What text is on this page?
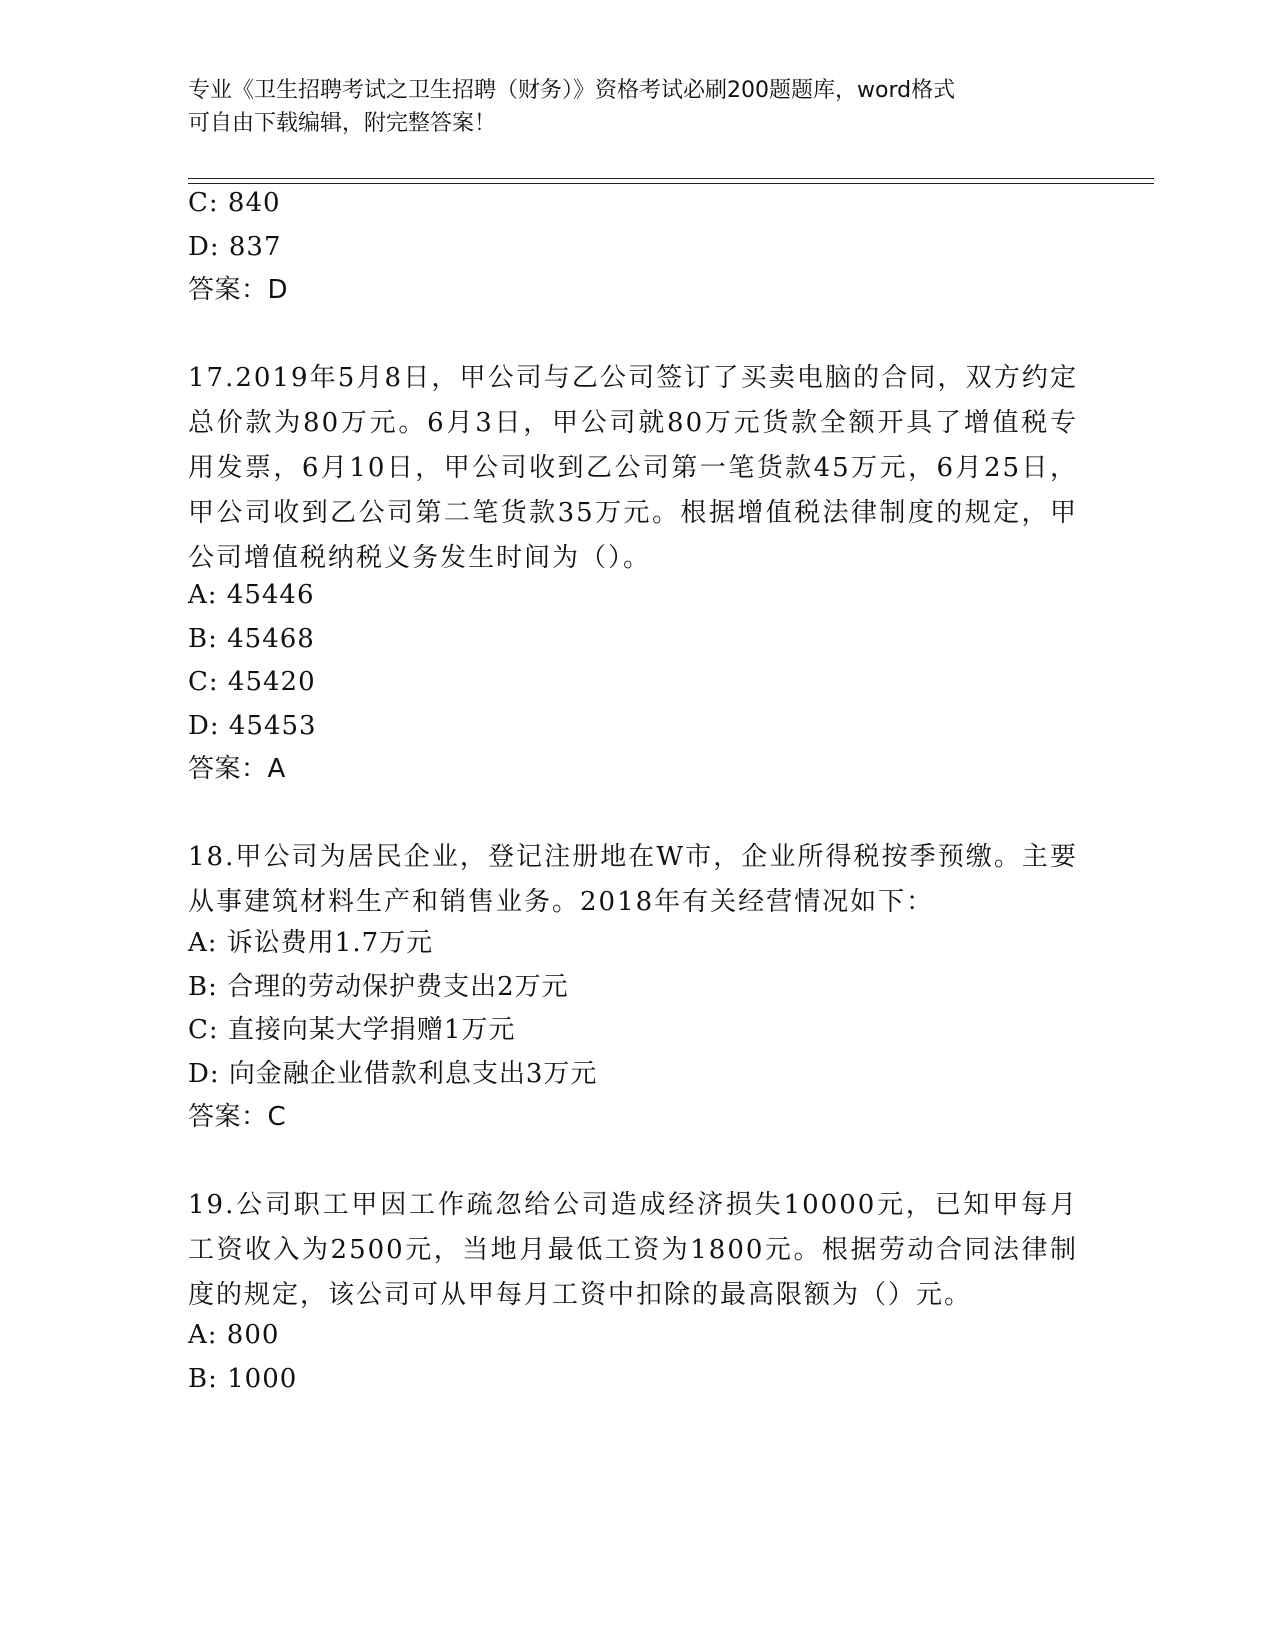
专业《卫生招聘考试之卫生招聘（财务）》资格考试必刷200题题库，word格式
可自由下载编辑，附完整答案！
C: 840
D: 837
答案：D
17.2019年5月8日，甲公司与乙公司签订了买卖电脑的合同，双方约定总价款为80万元。6月3日，甲公司就80万元货款全额开具了增值税专用发票，6月10日，甲公司收到乙公司第一笔货款45万元，6月25日，甲公司收到乙公司第二笔货款35万元。根据增值税法律制度的规定，甲公司增值税纳税义务发生时间为（）。
A: 45446
B: 45468
C: 45420
D: 45453
答案：A
18.甲公司为居民企业，登记注册地在W市，企业所得税按季预缴。主要从事建筑材料生产和销售业务。2018年有关经营情况如下：
A: 诉讼费用1.7万元
B: 合理的劳动保护费支出2万元
C: 直接向某大学捐赠1万元
D: 向金融企业借款利息支出3万元
答案：C
19.公司职工甲因工作疏忽给公司造成经济损失10000元，已知甲每月工资收入为2500元，当地月最低工资为1800元。根据劳动合同法律制度的规定，该公司可从甲每月工资中扣除的最高限额为（）元。
A: 800
B: 1000
